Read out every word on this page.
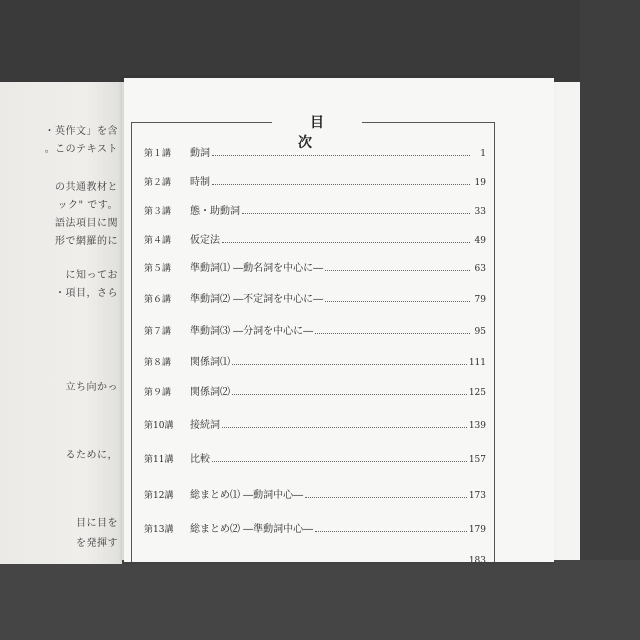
・英作文」を含
。このテキスト
の共通教材と
ック" です。
語法項目に関
形で網羅的に
に知ってお
・項目，さら
立ち向かっ
るために，
目に目を
を発揮す
目 次
第１講	動詞	1
第２講	時制	19
第３講	態・助動詞	33
第４講	仮定法	49
第５講	準動詞⑴ ―動名詞を中心に―	63
第６講	準動詞⑵ ―不定詞を中心に―	79
第７講	準動詞⑶ ―分詞を中心に―	95
第８講	関係詞⑴	111
第９講	関係詞⑵	125
第10講	接続詞	139
第11講	比較	157
第12講	総まとめ⑴ ―動詞中心―	173
第13講	総まとめ⑵ ―準動詞中心―	179
183
